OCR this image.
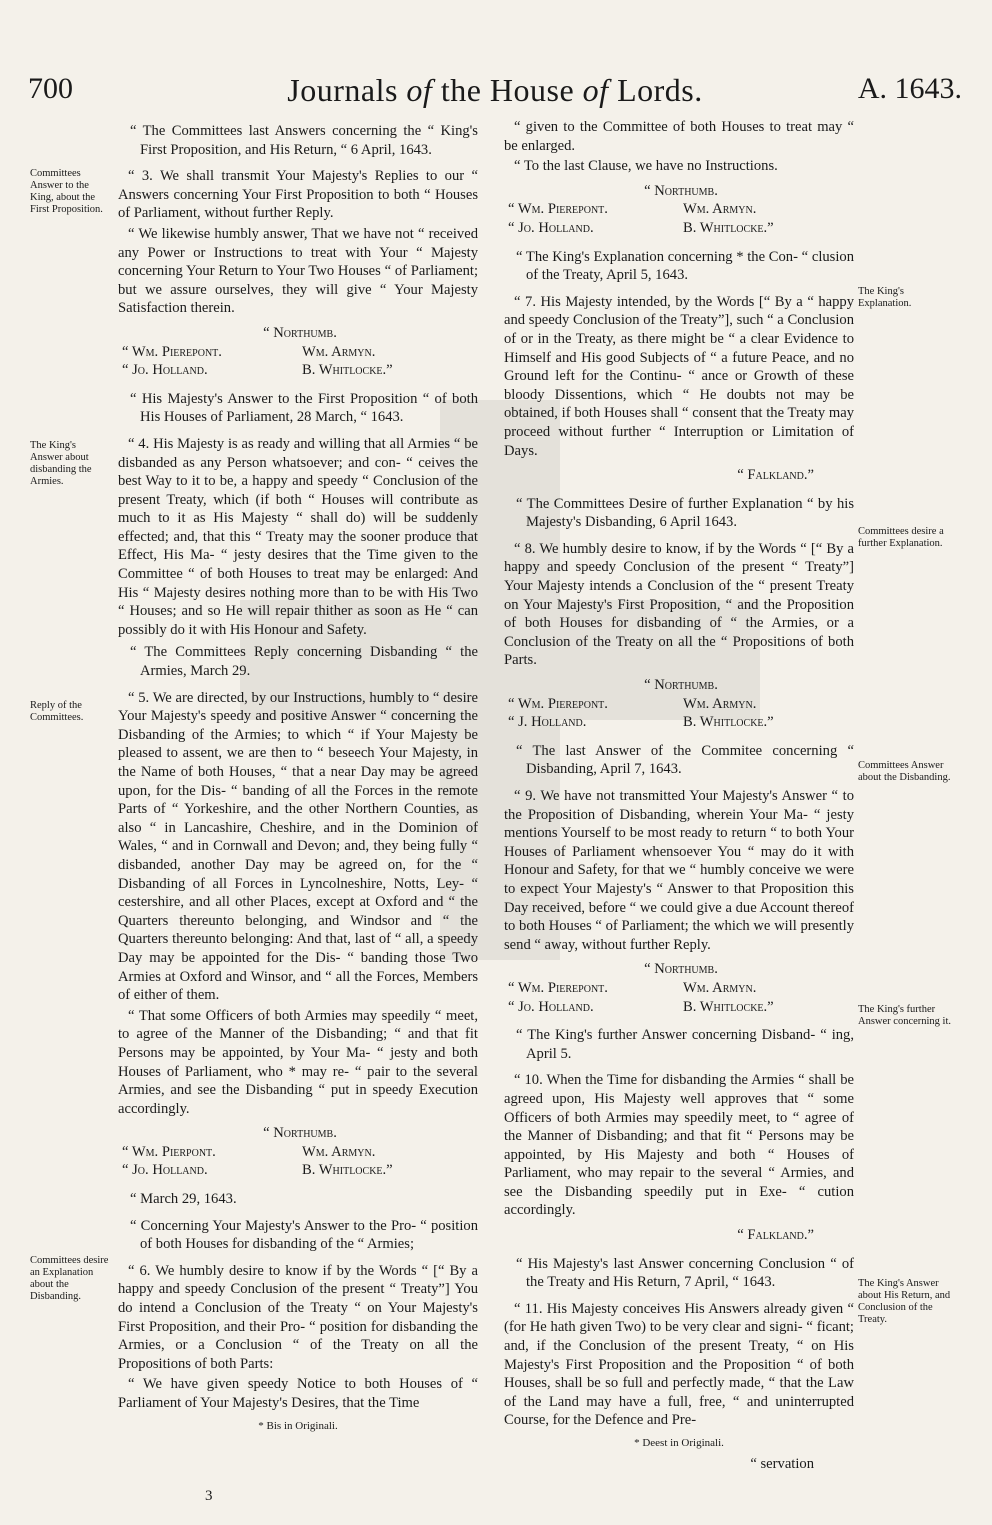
700	Journals of the House of Lords.	A. 1643.

“ The Committees last Answers concerning the “ King's First Proposition, and His Return, “ 6 April, 1643.

“ 3. We shall transmit Your Majesty's Replies to our “ Answers concerning Your First Proposition to both “ Houses of Parliament, without further Reply.

“ We likewise humbly answer, That we have not “ received any Power or Instructions to treat with Your “ Majesty concerning Your Return to Your Two Houses “ of Parliament; but we assure ourselves, they will give “ Your Majesty Satisfaction therein.

“ Northumb.
“ Wm. Pierepont.	Wm. Armyn.
“ Jo. Holland.	B. Whitlocke.”

“ His Majesty's Answer to the First Proposition “ of both His Houses of Parliament, 28 March, “ 1643.

“ 4. His Majesty is as ready and willing that all Armies “ be disbanded as any Person whatsoever; and con- “ ceives the best Way to it to be, a happy and speedy “ Conclusion of the present Treaty, which (if both “ Houses will contribute as much to it as His Majesty “ shall do) will be suddenly effected; and, that this “ Treaty may the sooner produce that Effect, His Ma- “ jesty desires that the Time given to the Committee “ of both Houses to treat may be enlarged: And His “ Majesty desires nothing more than to be with His Two “ Houses; and so He will repair thither as soon as He “ can possibly do it with His Honour and Safety.

“ The Committees Reply concerning Disbanding “ the Armies, March 29.

“ 5. We are directed, by our Instructions, humbly to “ desire Your Majesty's speedy and positive Answer “ concerning the Disbanding of the Armies; to which “ if Your Majesty be pleased to assent, we are then to “ beseech Your Majesty, in the Name of both Houses, “ that a near Day may be agreed upon, for the Dis- “ banding of all the Forces in the remote Parts of “ Yorkeshire, and the other Northern Counties, as also “ in Lancashire, Cheshire, and in the Dominion of Wales, “ and in Cornwall and Devon; and, they being fully “ disbanded, another Day may be agreed on, for the “ Disbanding of all Forces in Lyncolneshire, Notts, Ley- “ cestershire, and all other Places, except at Oxford and “ the Quarters thereunto belonging, and Windsor and “ the Quarters thereunto belonging: And that, last of “ all, a speedy Day may be appointed for the Dis- “ banding those Two Armies at Oxford and Winsor, and “ all the Forces, Members of either of them.

“ That some Officers of both Armies may speedily “ meet, to agree of the Manner of the Disbanding; “ and that fit Persons may be appointed, by Your Ma- “ jesty and both Houses of Parliament, who * may re- “ pair to the several Armies, and see the Disbanding “ put in speedy Execution accordingly.

“ Northumb.
“ Wm. Pierpont.	Wm. Armyn.
“ Jo. Holland.	B. Whitlocke.”

“ March 29, 1643.

“ Concerning Your Majesty's Answer to the Pro- “ position of both Houses for disbanding of the “ Armies;

“ 6. We humbly desire to know if by the Words “ [“ By a happy and speedy Conclusion of the present “ Treaty”] You do intend a Conclusion of the Treaty “ on Your Majesty's First Proposition, and their Pro- “ position for disbanding the Armies, or a Conclusion “ of the Treaty on all the Propositions of both Parts:

“ We have given speedy Notice to both Houses of “ Parliament of Your Majesty's Desires, that the Time

* Bis in Originali.

“ given to the Committee of both Houses to treat may “ be enlarged.

“ To the last Clause, we have no Instructions.

“ Northumb.
“ Wm. Pierepont.	Wm. Armyn.
“ Jo. Holland.	B. Whitlocke.”

“ The King's Explanation concerning * the Con- “ clusion of the Treaty, April 5, 1643.

“ 7. His Majesty intended, by the Words [“ By a “ happy and speedy Conclusion of the Treaty”], such “ a Conclusion of or in the Treaty, as there might be “ a clear Evidence to Himself and His good Subjects of “ a future Peace, and no Ground left for the Continu- “ ance or Growth of these bloody Dissentions, which “ He doubts not may be obtained, if both Houses shall “ consent that the Treaty may proceed without further “ Interruption or Limitation of Days.

“ Falkland.”

“ The Committees Desire of further Explanation “ by his Majesty's Disbanding, 6 April 1643.

“ 8. We humbly desire to know, if by the Words “ [“ By a happy and speedy Conclusion of the present “ Treaty”] Your Majesty intends a Conclusion of the “ present Treaty on Your Majesty's First Proposition, “ and the Proposition of both Houses for disbanding of “ the Armies, or a Conclusion of the Treaty on all the “ Propositions of both Parts.

“ Northumb.
“ Wm. Pierepont.	Wm. Armyn.
“ J. Holland.	B. Whitlocke.”

“ The last Answer of the Commitee concerning “ Disbanding, April 7, 1643.

“ 9. We have not transmitted Your Majesty's Answer “ to the Proposition of Disbanding, wherein Your Ma- “ jesty mentions Yourself to be most ready to return “ to both Your Houses of Parliament whensoever You “ may do it with Honour and Safety, for that we “ humbly conceive we were to expect Your Majesty's “ Answer to that Proposition this Day received, before “ we could give a due Account thereof to both Houses “ of Parliament; the which we will presently send “ away, without further Reply.

“ Northumb.
“ Wm. Pierepont.	Wm. Armyn.
“ Jo. Holland.	B. Whitlocke.”

“ The King's further Answer concerning Disband- “ ing, April 5.

“ 10. When the Time for disbanding the Armies “ shall be agreed upon, His Majesty well approves that “ some Officers of both Armies may speedily meet, to “ agree of the Manner of Disbanding; and that fit “ Persons may be appointed, by His Majesty and both “ Houses of Parliament, who may repair to the several “ Armies, and see the Disbanding speedily put in Exe- “ cution accordingly.

“ Falkland.”

“ His Majesty's last Answer concerning Conclusion “ of the Treaty and His Return, 7 April, “ 1643.

“ 11. His Majesty conceives His Answers already given “ (for He hath given Two) to be very clear and signi- “ ficant; and, if the Conclusion of the present Treaty, “ on His Majesty's First Proposition and the Proposition “ of both Houses, shall be so full and perfectly made, “ that the Law of the Land may have a full, free, “ and uninterrupted Course, for the Defence and Pre-

* Deest in Originali.
“ servation
Committees Answer to the King, about the First Proposition.
The King's Answer about disbanding the Armies.
Reply of the Committees.
Committees desire an Explanation about the Disbanding.
The King's Explanation.
Committees desire a further Explanation.
Committees Answer about the Disbanding.
The King's further Answer concerning it.
The King's Answer about His Return, and Conclusion of the Treaty.
3
